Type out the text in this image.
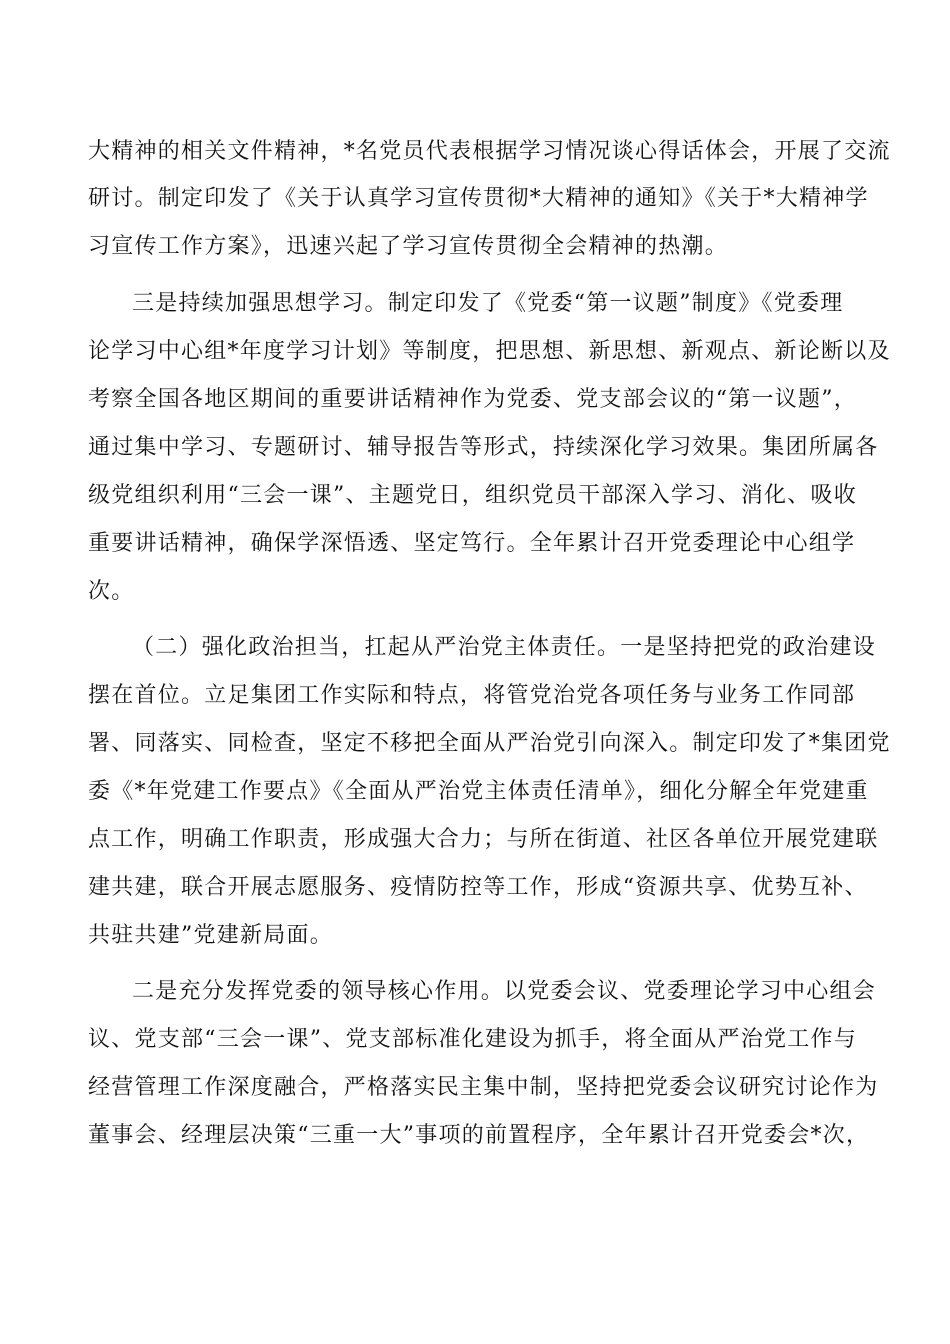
大精神的相关文件精神，*名党员代表根据学习情况谈心得话体会，开展了交流
研讨。制定印发了《关于认真学习宣传贯彻*大精神的通知》《关于*大精神学
习宣传工作方案》，迅速兴起了学习宣传贯彻全会精神的热潮。
三是持续加强思想学习。制定印发了《党委“第一议题”制度》《党委理
论学习中心组*年度学习计划》等制度，把思想、新思想、新观点、新论断以及
考察全国各地区期间的重要讲话精神作为党委、党支部会议的“第一议题”，
通过集中学习、专题研讨、辅导报告等形式，持续深化学习效果。集团所属各
级党组织利用“三会一课”、主题党日，组织党员干部深入学习、消化、吸收
重要讲话精神，确保学深悟透、坚定笃行。全年累计召开党委理论中心组学
次。
（二）强化政治担当，扛起从严治党主体责任。一是坚持把党的政治建设
摆在首位。立足集团工作实际和特点，将管党治党各项任务与业务工作同部
署、同落实、同检查，坚定不移把全面从严治党引向深入。制定印发了*集团党
委《*年党建工作要点》《全面从严治党主体责任清单》，细化分解全年党建重
点工作，明确工作职责，形成强大合力；与所在街道、社区各单位开展党建联
建共建，联合开展志愿服务、疫情防控等工作，形成“资源共享、优势互补、
共驻共建”党建新局面。
二是充分发挥党委的领导核心作用。以党委会议、党委理论学习中心组会
议、党支部“三会一课”、党支部标准化建设为抓手，将全面从严治党工作与
经营管理工作深度融合，严格落实民主集中制，坚持把党委会议研究讨论作为
董事会、经理层决策“三重一大”事项的前置程序，全年累计召开党委会*次，
